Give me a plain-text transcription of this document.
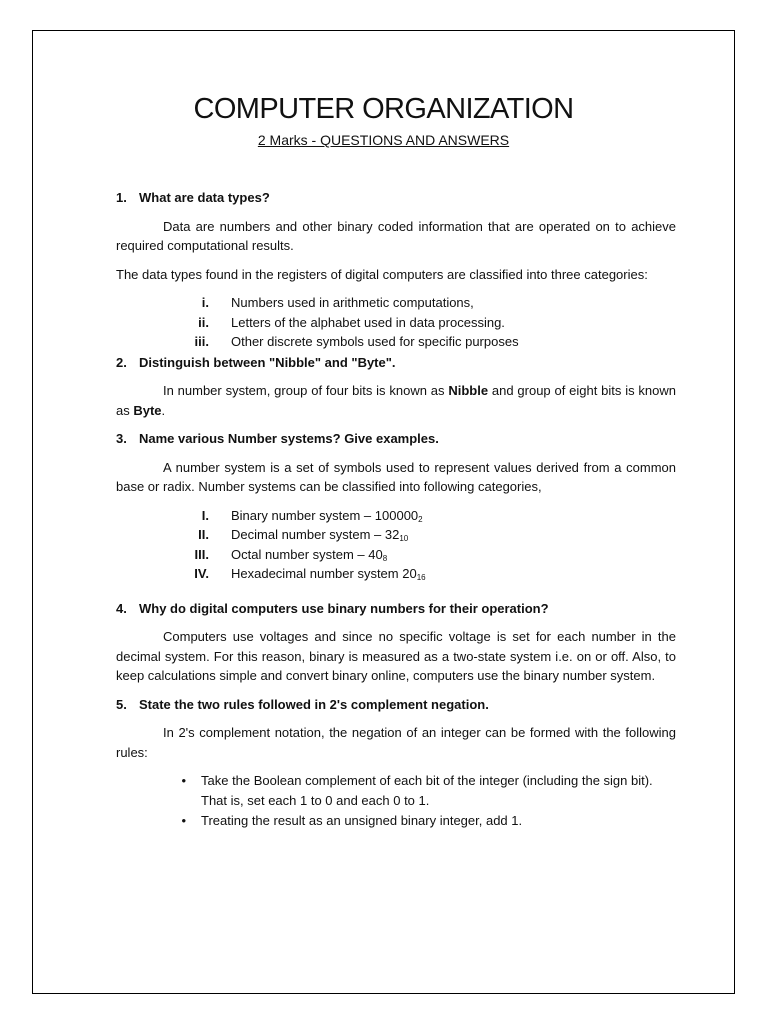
COMPUTER ORGANIZATION

2 Marks - QUESTIONS AND ANSWERS

1. What are data types?

Data are numbers and other binary coded information that are operated on to achieve required computational results.

The data types found in the registers of digital computers are classified into three categories:

i.	Numbers used in arithmetic computations,
ii.	Letters of the alphabet used in data processing.
iii.	Other discrete symbols used for specific purposes
2. Distinguish between "Nibble" and "Byte".

In number system, group of four bits is known as Nibble and group of eight bits is known as Byte.

3. Name various Number systems? Give examples.

A number system is a set of symbols used to represent values derived from a common base or radix. Number systems can be classified into following categories,

I.	Binary number system – $100000_2$
II.	Decimal number system – $32_{10}$
III.	Octal number system – $40_8$
IV.	Hexadecimal number system $20_{16}$
4. Why do digital computers use binary numbers for their operation?

Computers use voltages and since no specific voltage is set for each number in the decimal system. For this reason, binary is measured as a two-state system i.e. on or off. Also, to keep calculations simple and convert binary online, computers use the binary number system.

5. State the two rules followed in 2's complement negation.

In 2's complement notation, the negation of an integer can be formed with the following rules:

•	Take the Boolean complement of each bit of the integer (including the sign bit). That is, set each 1 to 0 and each 0 to 1.
•	Treating the result as an unsigned binary integer, add 1.
